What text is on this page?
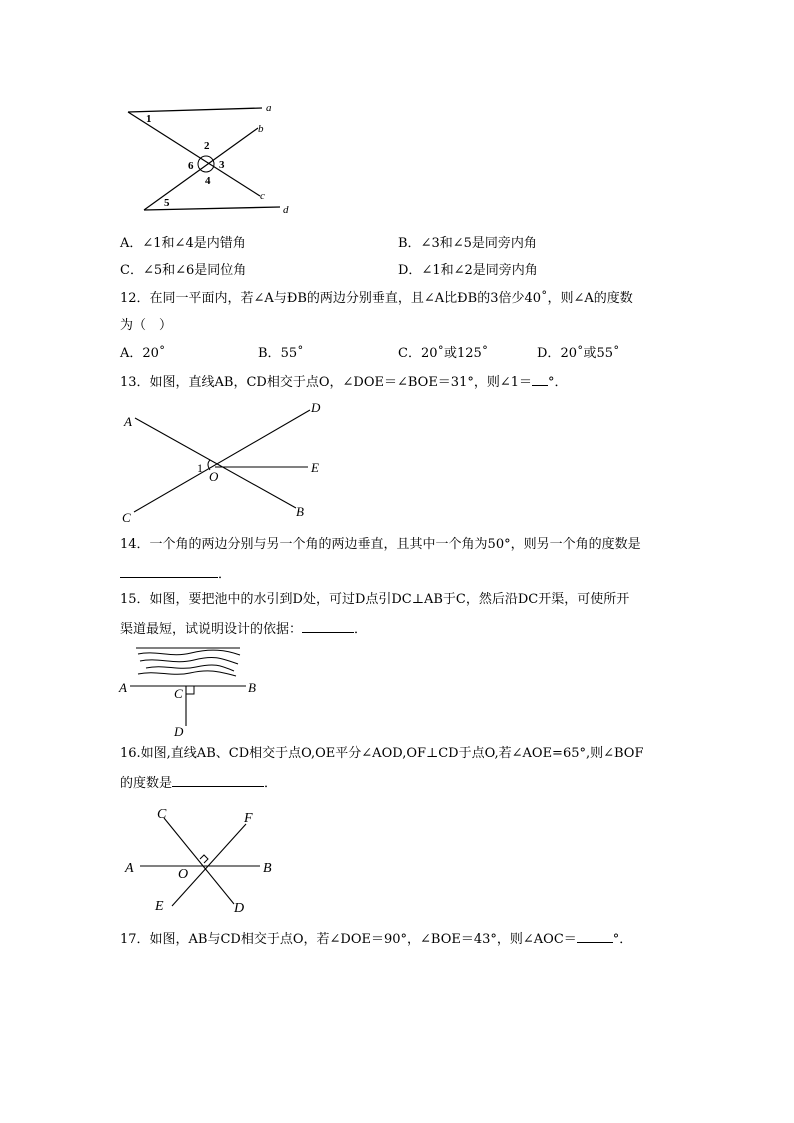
a
b
c
d
1
2
3
4
5
6
A．∠1和∠4是内错角	B．∠3和∠5是同旁内角
C．∠5和∠6是同位角	D．∠1和∠2是同旁内角
12．在同一平面内，若∠A与ÐB的两边分别垂直，且∠A比ÐB的3倍少40˚，则∠A的度数
为（　）
A．20˚	B．55˚	C．20˚或125˚	D．20˚或55˚
13．如图，直线AB，CD相交于点O，∠DOE＝∠BOE＝31°，则∠1＝ °．
A
B
C
D
E
O
1
14．一个角的两边分别与另一个角的两边垂直，且其中一个角为50°，则另一个角的度数是
．
15．如图，要把池中的水引到D处，可过D点引DC⊥AB于C，然后沿DC开渠，可使所开
渠道最短，试说明设计的依据：	．
A	B
C
D
16.如图,直线AB、CD相交于点O,OE平分∠AOD,OF⊥CD于点O,若∠AOE=65°,则∠BOF
的度数是	．
A	B
C
D
E
F
O
17．如图，AB与CD相交于点O，若∠DOE＝90°，∠BOE＝43°，则∠AOC＝	°．
